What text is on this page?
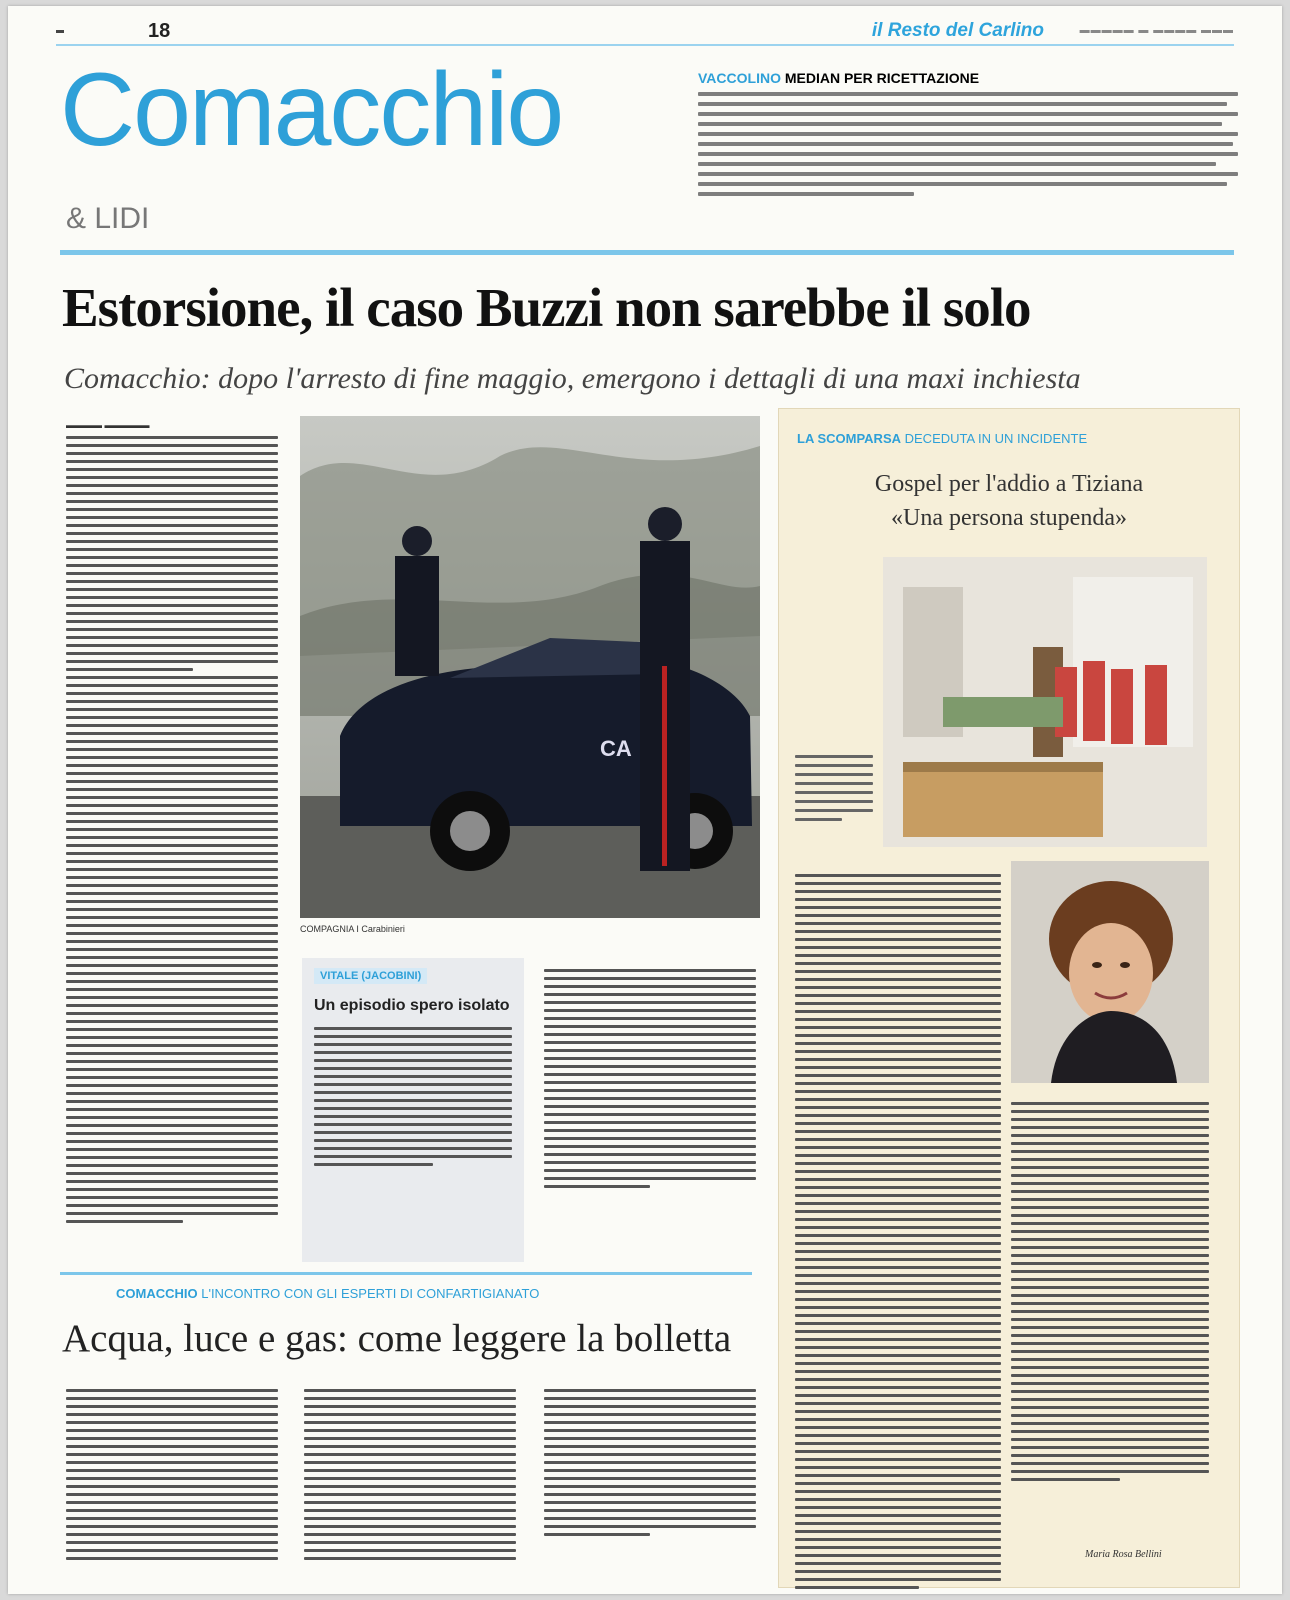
18	il Resto del Carlino	▬▬▬▬▬ ▬ ▬▬▬▬ ▬▬▬
Comacchio
& LIDI
VACCOLINO MEDIAN PER RICETTAZIONE
Estorsione, il caso Buzzi non sarebbe il solo
Comacchio: dopo l'arresto di fine maggio, emergono i dettagli di una maxi inchiesta
▬▬▬▬ ▬▬▬▬▬
CA
COMPAGNIA I Carabinieri
VITALE (JACOBINI)
Un episodio spero isolato
COMACCHIO L'INCONTRO CON GLI ESPERTI DI CONFARTIGIANATO
Acqua, luce e gas: come leggere la bolletta
LA SCOMPARSA DECEDUTA IN UN INCIDENTE
Gospel per l'addio a Tiziana
«Una persona stupenda»
Maria Rosa Bellini
